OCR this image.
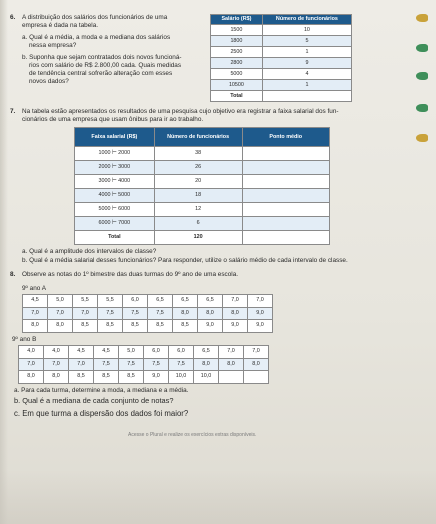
6. A distribuição dos salários dos funcionários de uma
empresa é dada na tabela.
a. Qual é a média, a moda e a mediana dos salários
nessa empresa?
b. Suponha que sejam contratados dois novos funcioná-
rios com salário de R$ 2.800,00 cada. Quais medidas
de tendência central sofrerão alteração com esses
novos dados?
Salário (R$)	Número de funcionários
1500	10
1800	5
2500	1
2800	9
5000	4
10500	1
Total	
7. Na tabela estão apresentados os resultados de uma pesquisa cujo objetivo era registrar a faixa salarial dos fun-
cionários de uma empresa que usam ônibus para ir ao trabalho.
Faixa salarial (R$)	Número de funcionários	Ponto médio
1000 ⊢ 2000	38	
2000 ⊢ 3000	26	
3000 ⊢ 4000	20	
4000 ⊢ 5000	18	
5000 ⊢ 6000	12	
6000 ⊢ 7000	6	
Total	120	
a. Qual é a amplitude dos intervalos de classe?
b. Qual é a média salarial desses funcionários? Para responder, utilize o salário médio de cada intervalo de classe.
8. Observe as notas do 1º bimestre das duas turmas do 9º ano de uma escola.
9º ano A
4,5	5,0	5,5	5,5	6,0	6,5	6,5	6,5	7,0	7,0
7,0	7,0	7,0	7,5	7,5	7,5	8,0	8,0	8,0	9,0
8,0	8,0	8,5	8,5	8,5	8,5	8,5	9,0	9,0	9,0
9º ano B
4,0	4,0	4,5	4,5	5,0	6,0	6,0	6,5	7,0	7,0
7,0	7,0	7,0	7,5	7,5	7,5	7,5	8,0	8,0	8,0
8,0	8,0	8,5	8,5	8,5	9,0	10,0	10,0		
a. Para cada turma, determine a moda, a mediana e a média.
b. Qual é a mediana de cada conjunto de notas?
c. Em que turma a dispersão dos dados foi maior?
Acesse o Plural e realize os exercícios extras disponíveis.
